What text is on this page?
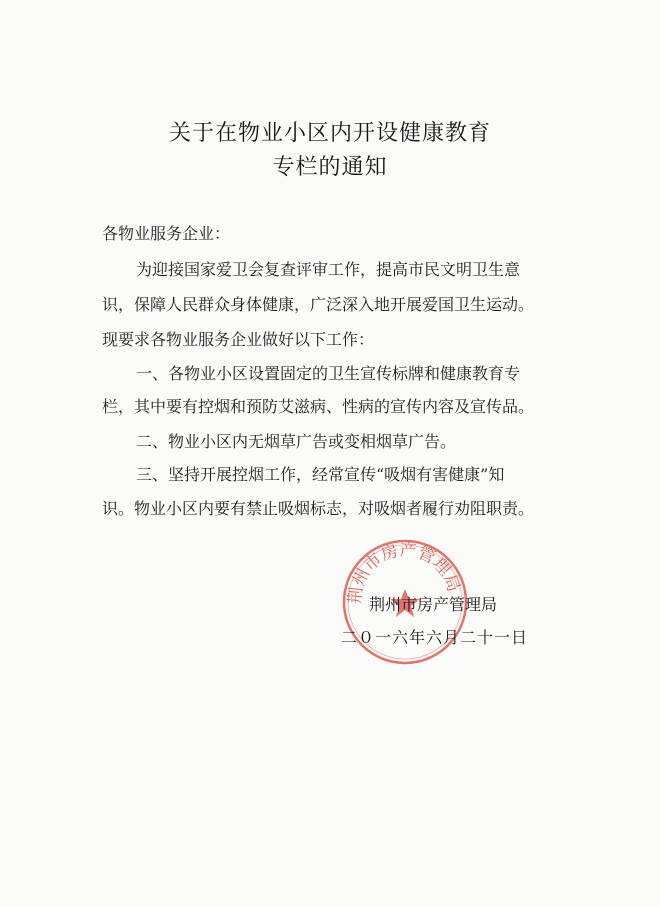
关于在物业小区内开设健康教育
专栏的通知
各物业服务企业：
为迎接国家爱卫会复查评审工作，提高市民文明卫生意
识，保障人民群众身体健康，广泛深入地开展爱国卫生运动。
现要求各物业服务企业做好以下工作：
一、各物业小区设置固定的卫生宣传标牌和健康教育专
栏，其中要有控烟和预防艾滋病、性病的宣传内容及宣传品。
二、物业小区内无烟草广告或变相烟草广告。
三、坚持开展控烟工作，经常宣传“吸烟有害健康”知
识。物业小区内要有禁止吸烟标志，对吸烟者履行劝阻职责。
荆州市房产管理局
荆州市房产管理局
二０一六年六月二十一日
